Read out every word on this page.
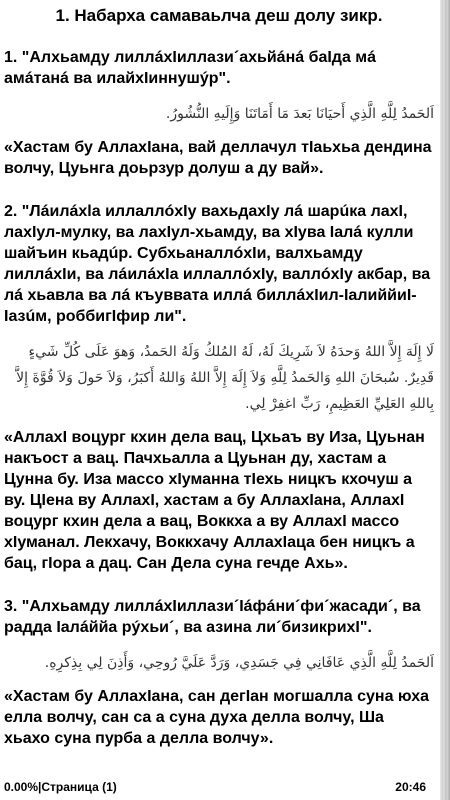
1. Набарха самаваьлча деш долу зикр.
1. "Алхьамду лиллáхIиллази´ахьйáнá баIда мá амáтанá ва илайхIиннушýр".
اَلحَمدُ لِلَّهِ الَّذِي أَحيَانَا بَعدَ مَا أَمَاتَنَا وَإِلَيهِ النُّشُورُ.
«Хастам бу АллахIана, вай деллачул тIаьхьа дендина волчу, Цуьнга доьрзур долуш а ду вай».
2. "Лáилáхlа иллаллóхIу вахьдахIу лá шарúка лахI, лахIул-мулку, ва лахIул-хьамду, ва хIува Iалá кулли шайъин кьадúр. СубхьаналлóхIи, валхьамду лиллáхIи, ва лáилáхIа иллаллóхIу, валлóхIу акбар, ва лá хьавла ва лá къуввата иллá биллáхIил-IалиййиI-Iазúм, роббигIфир ли".
لَا إِلَهَ إِلاَّ اللهُ وَحدَهُ لاَ شَرِيكَ لَهُ، لَهُ المُلكُ وَلَهُ الحَمدُ، وَهوَ عَلَى كُلِّ شَيءٍ قَدِيرٌ. سُبحَانَ اللهِ وَالحَمدُ لِلَّهِ وَلاَ إِلَهَ إِلاَّ اللهُ وَاللهُ أَكبَرُ، وَلاَ حَولَ وَلاَ قُوَّةَ إِلاَّ بِاللهِ العَلِيِّ العَظِيمِ، رَبِّ اغفِرْ لِي.
«АллахI воцург кхин дела вац, Цхьаъ ву Иза, Цуьнан накъост а вац. Пачхьалла а Цуьнан ду, хастам а Цунна бу. Иза массо хIуманна тIехь ницкъ кхочуш а ву. ЦIена ву АллахI, хастам а бу АллахIана, АллахI воцург кхин дела а вац, Воккха а ву АллахI массо хIуманал. Лекхачу, Воккхачу АллахIаца бен ницкъ а бац, гIора а дац. Сан Дела суна гечде Ахь».
3. "Алхьамду лиллáхIиллази´Iáфáни´фи´жасади´, ва радда Iалáййа рýхьи´, ва азина ли´бизикрихI".
اَلحَمدُ لِلَّهِ الَّذِي عَافَانِي فِي جَسَدِي، وَرَدَّ عَلَيَّ رُوحِي، وَأَذِنَ لِي بِذِكرِهِ.
«Хастам бу АллахIана, сан дегIан могшалла суна юха елла волчу, сан са а суна духа делла волчу, Ша хьахо суна пурба а делла волчу».
0.00%|Страница (1)	20:46
